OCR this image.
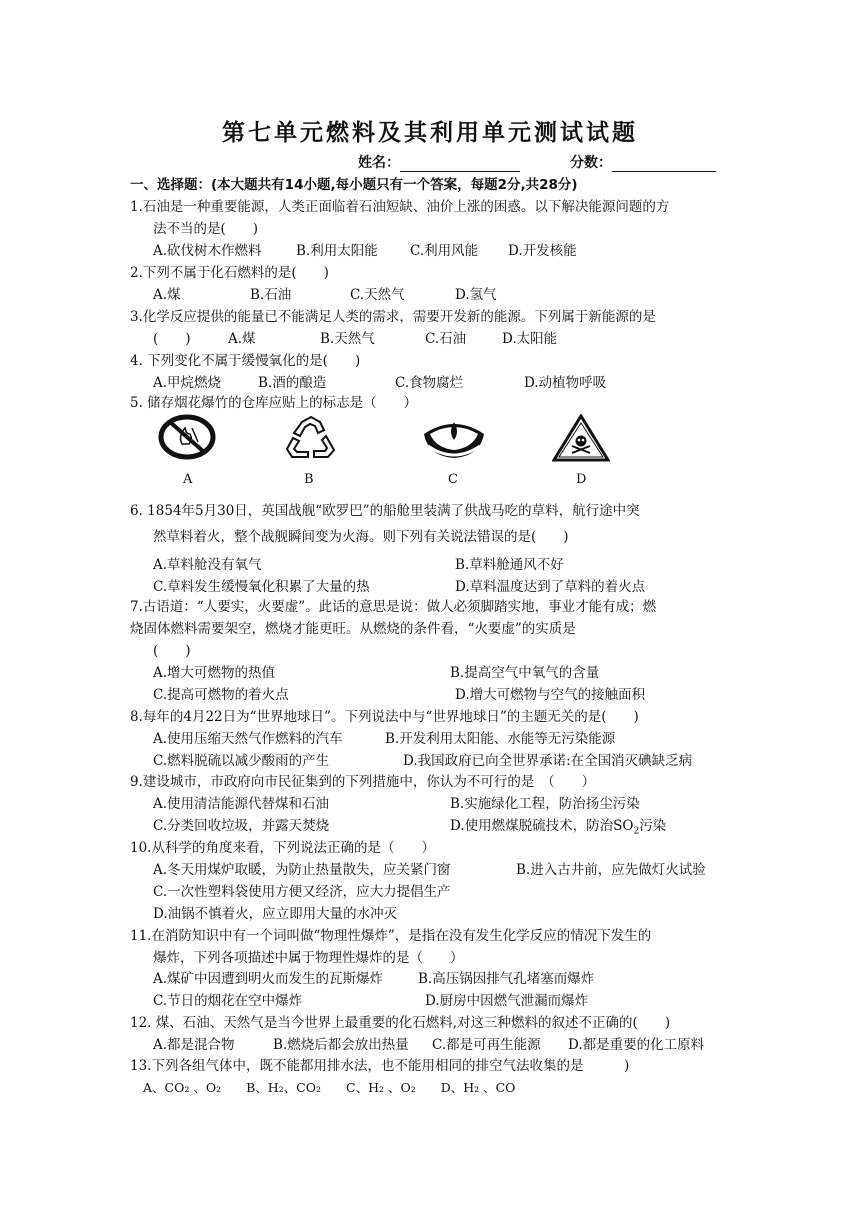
第七单元燃料及其利用单元测试试题
姓名：	分数：
一、选择题：(本大题共有14小题,每小题只有一个答案，每题2分,共28分)
1.石油是一种重要能源，人类正面临着石油短缺、油价上涨的困惑。以下解决能源问题的方
法不当的是(　　)
A.砍伐树木作燃料	B.利用太阳能 C.利用风能 D.开发核能
2.下列不属于化石燃料的是(　　)
A.煤	B.石油	C.天然气	D.氢气
3.化学反应提供的能量已不能满足人类的需求，需要开发新的能源。下列属于新能源的是
(　　)	A.煤	B.天然气	C.石油	D.太阳能
4. 下列变化不属于缓慢氧化的是(　　)
A.甲烷燃烧	B.酒的酿造	C.食物腐烂	D.动植物呼吸
5. 储存烟花爆竹的仓库应贴上的标志是（　　）
A	B	C	D
6. 1854年5月30日，英国战舰“欧罗巴”的船舱里装满了供战马吃的草料，航行途中突
然草料着火，整个战舰瞬间变为火海。则下列有关说法错误的是(　　)
A.草料舱没有氧气	B.草料舱通风不好
C.草料发生缓慢氧化积累了大量的热	D.草料温度达到了草料的着火点
7.古语道：“人要实，火要虚”。此话的意思是说：做人必须脚踏实地，事业才能有成；燃
烧固体燃料需要架空，燃烧才能更旺。从燃烧的条件看，“火要虚”的实质是
(　　)
A.增大可燃物的热值	B.提高空气中氧气的含量
C.提高可燃物的着火点	D.增大可燃物与空气的接触面积
8.每年的4月22日为“世界地球日”。下列说法中与“世界地球日”的主题无关的是(　　)
A.使用压缩天然气作燃料的汽车	B.开发利用太阳能、水能等无污染能源
C.燃料脱硫以减少酸雨的产生	D.我国政府已向全世界承诺:在全国消灭碘缺乏病
9.建设城市，市政府向市民征集到的下列措施中，你认为不可行的是　（　　）
A.使用清洁能源代替煤和石油	B.实施绿化工程，防治扬尘污染
C.分类回收垃圾，并露天焚烧	D.使用燃煤脱硫技术，防治$SO_2$污染
10.从科学的角度来看，下列说法正确的是（　　）
A.冬天用煤炉取暖，为防止热量散失，应关紧门窗	B.进入古井前，应先做灯火试验
C.一次性塑料袋使用方便又经济，应大力提倡生产
D.油锅不慎着火，应立即用大量的水冲灭
11.在消防知识中有一个词叫做“物理性爆炸”，是指在没有发生化学反应的情况下发生的
爆炸，下列各项描述中属于物理性爆炸的是（　　）
A.煤矿中因遭到明火而发生的瓦斯爆炸	B.高压锅因排气孔堵塞而爆炸
C.节日的烟花在空中爆炸	D.厨房中因燃气泄漏而爆炸
12. 煤、石油、天然气是当今世界上最重要的化石燃料,对这三种燃料的叙述不正确的(　　)
A.都是混合物	B.燃烧后都会放出热量 C.都是可再生能源 D.都是重要的化工原料
13.下列各组气体中，既不能都用排水法，也不能用相同的排空气法收集的是　　　)
A、CO₂ 、O₂　　B、H₂、CO₂　　C、H₂ 、O₂　　D、H₂ 、CO
